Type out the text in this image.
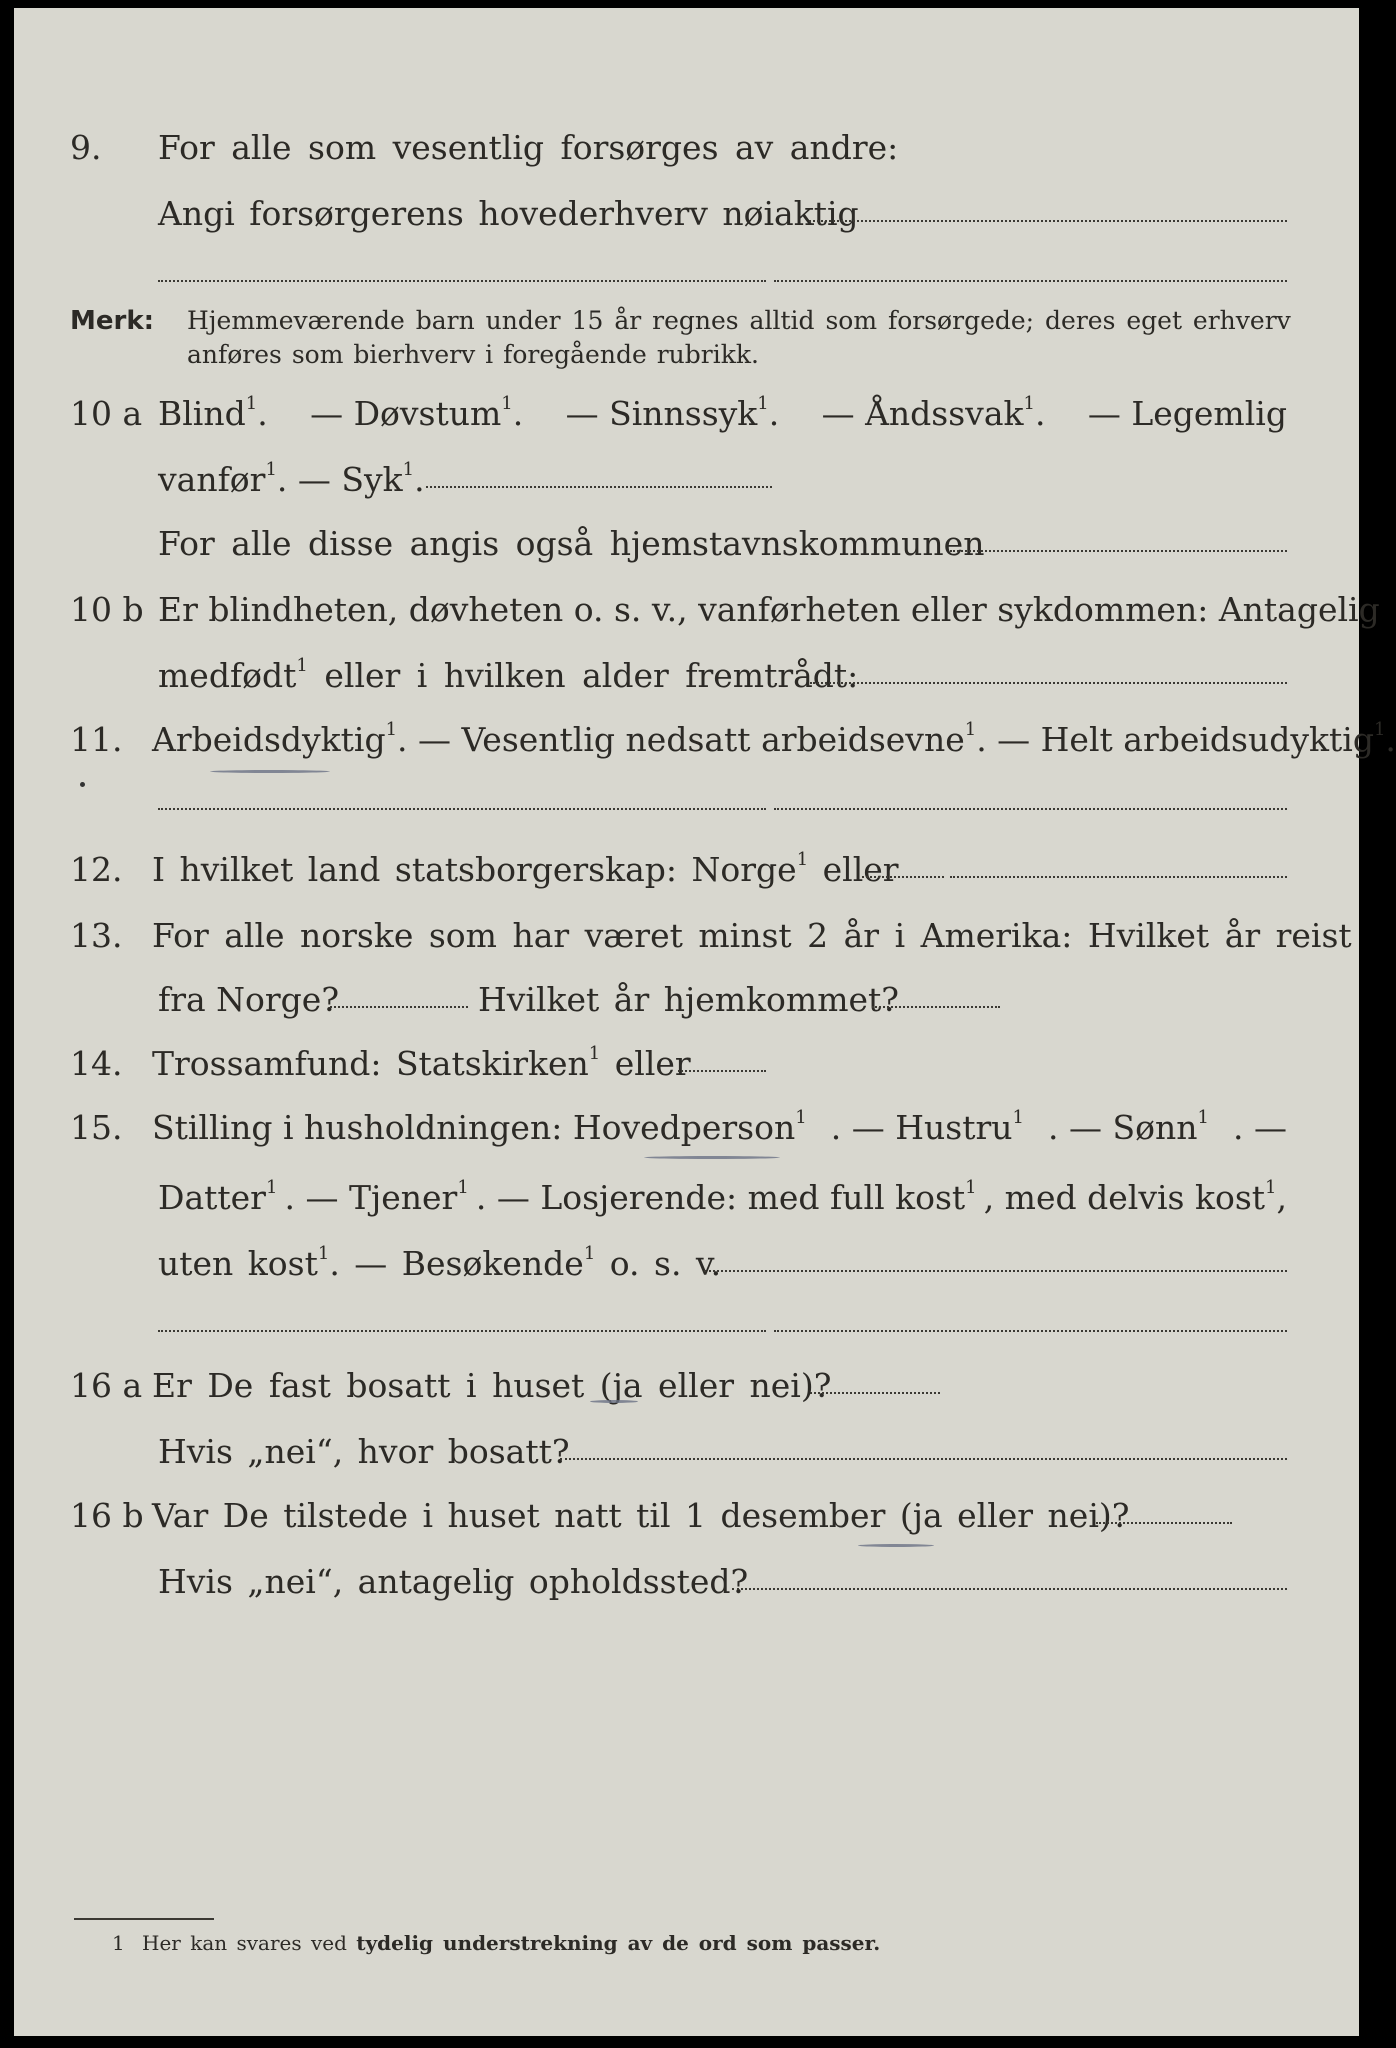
9. For alle som vesentlig forsørges av andre:
Angi forsørgerens hovederhverv nøiaktig
Merk: Hjemmeværende barn under 15 år regnes alltid som forsørgede; deres eget erhverv
anføres som bierhverv i foregående rubrikk.
10 a Blind$^1$. — Døvstum$^1$. — Sinnssyk$^1$. — Åndssvak$^1$. — Legemlig
vanfør$^1$. — Syk$^1$.
For alle disse angis også hjemstavnskommunen
10 b Er blindheten, døvheten o. s. v., vanførheten eller sykdommen: Antagelig
medfødt$^1$ eller i hvilken alder fremtrådt:
11. Arbeidsdyktig$^1$. — Vesentlig nedsatt arbeidsevne$^1$. — Helt arbeidsudyktig$^1$.
12. I hvilket land statsborgerskap: Norge$^1$ eller
13. For alle norske som har været minst 2 år i Amerika: Hvilket år reist
fra Norge?	Hvilket år hjemkommet?
14. Trossamfund: Statskirken$^1$ eller
15. Stilling i husholdningen: Hovedperson$^1$ . — Hustru$^1$ . — Sønn$^1$ . —
Datter$^1$ . — Tjener$^1$ . — Losjerende: med full kost$^1$ , med delvis kost$^1$,
uten kost$^1$. — Besøkende$^1$ o. s. v.
16 a Er De fast bosatt i huset (ja eller nei)?
Hvis „nei“, hvor bosatt?
16 b Var De tilstede i huset natt til 1 desember (ja eller nei)?
Hvis „nei“, antagelig opholdssted?
1 Her kan svares ved tydelig understrekning av de ord som passer.
